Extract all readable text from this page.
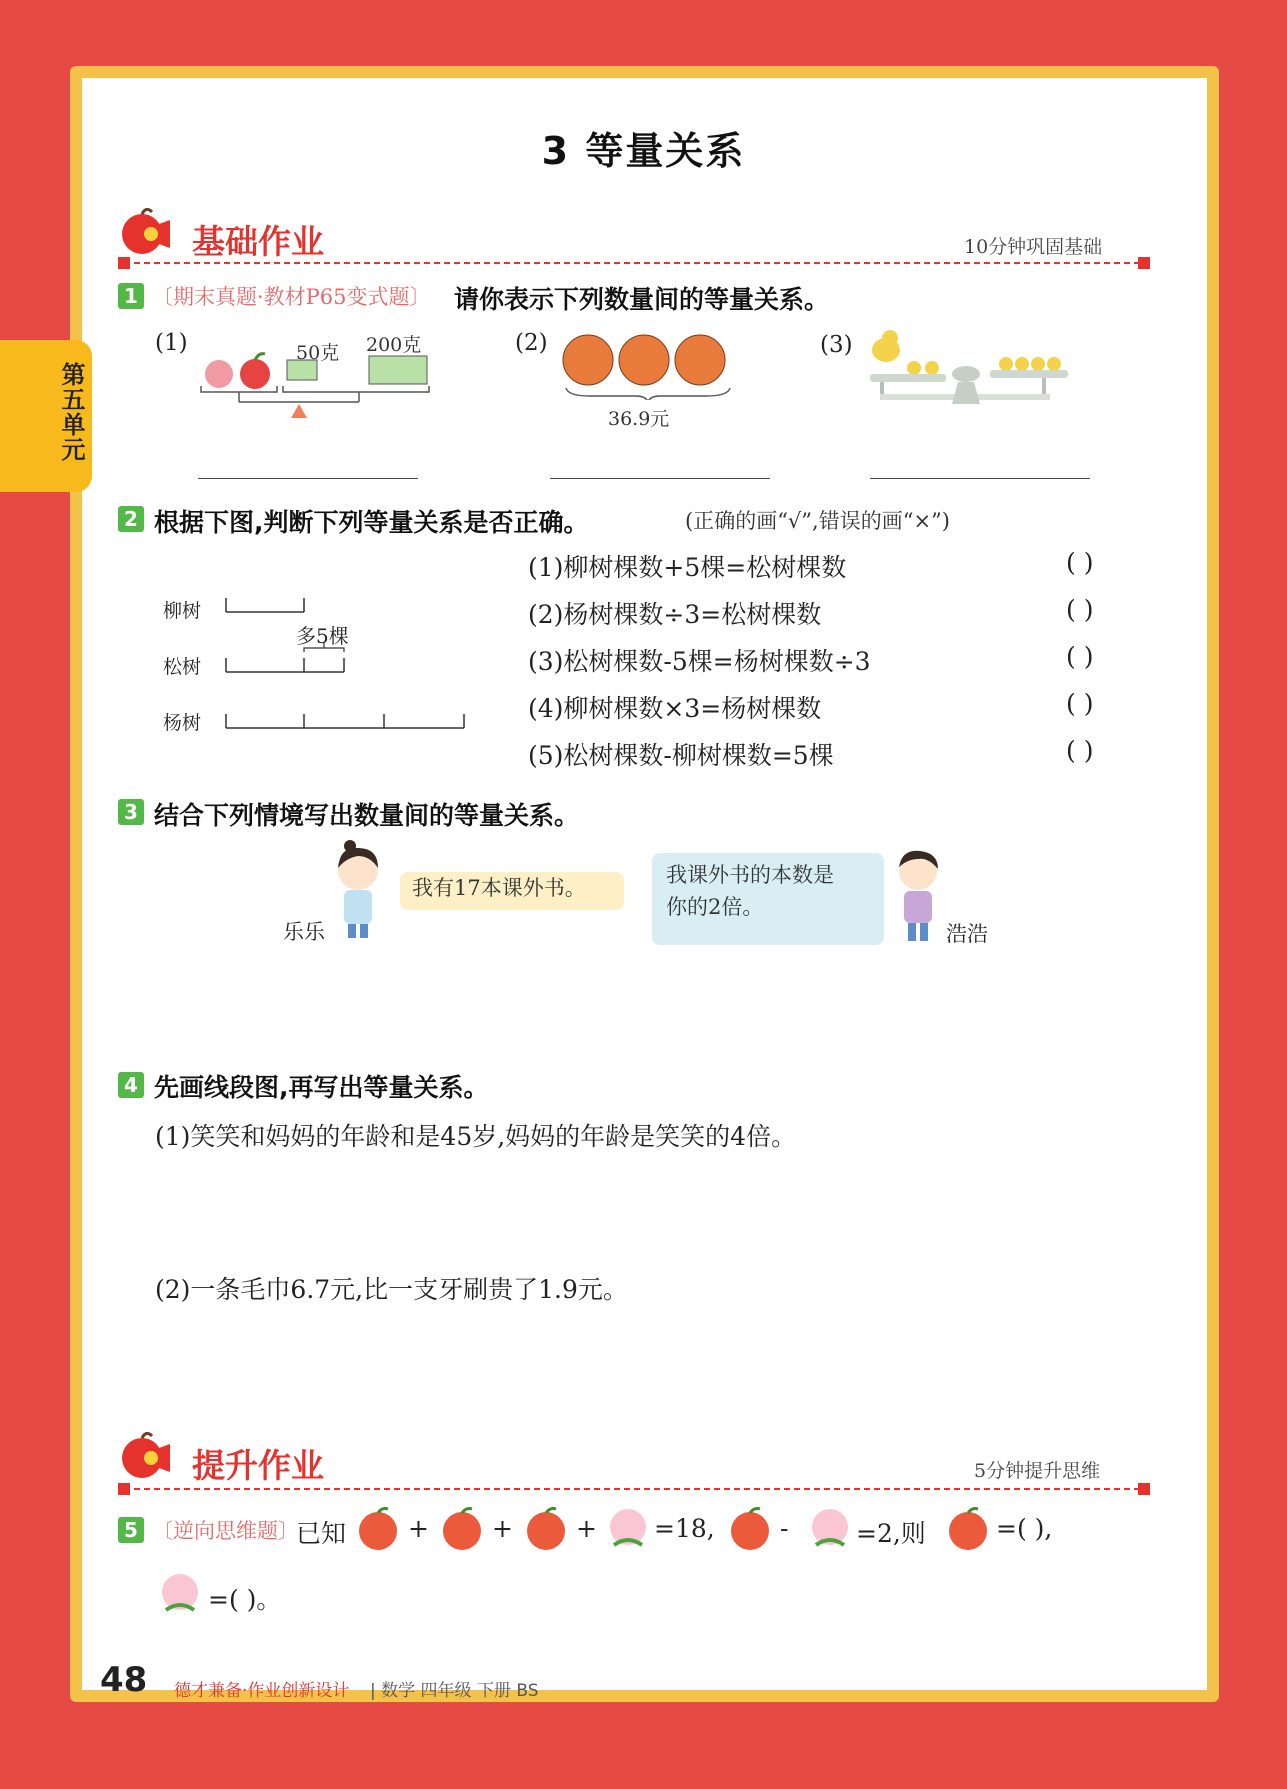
3 等量关系
第五单元
基础作业	10分钟巩固基础
1 〔期末真题·教材P65变式题〕 请你表示下列数量间的等量关系。
(1)	50克 200克	(2)
36.9元
(3)
2 根据下图,判断下列等量关系是否正确。	(正确的画“√”,错误的画“×”)
柳树
松树
杨树
多5棵
(1)柳树棵数+5棵=松树棵数	( )
(2)杨树棵数÷3=松树棵数	( )
(3)松树棵数-5棵=杨树棵数÷3	( )
(4)柳树棵数×3=杨树棵数	( )
(5)松树棵数-柳树棵数=5棵	( )
3 结合下列情境写出数量间的等量关系。
乐乐
我有17本课外书。
我课外书的本数是
你的2倍。
浩浩
4 先画线段图,再写出等量关系。
(1)笑笑和妈妈的年龄和是45岁,妈妈的年龄是笑笑的4倍。
(2)一条毛巾6.7元,比一支牙刷贵了1.9元。
提升作业	5分钟提升思维
5 〔逆向思维题〕
已知 +	+	+ =18,	-	=2,则	=( ),
=( )。
48 德才兼备·作业创新设计 | 数学 四年级 下册 BS
